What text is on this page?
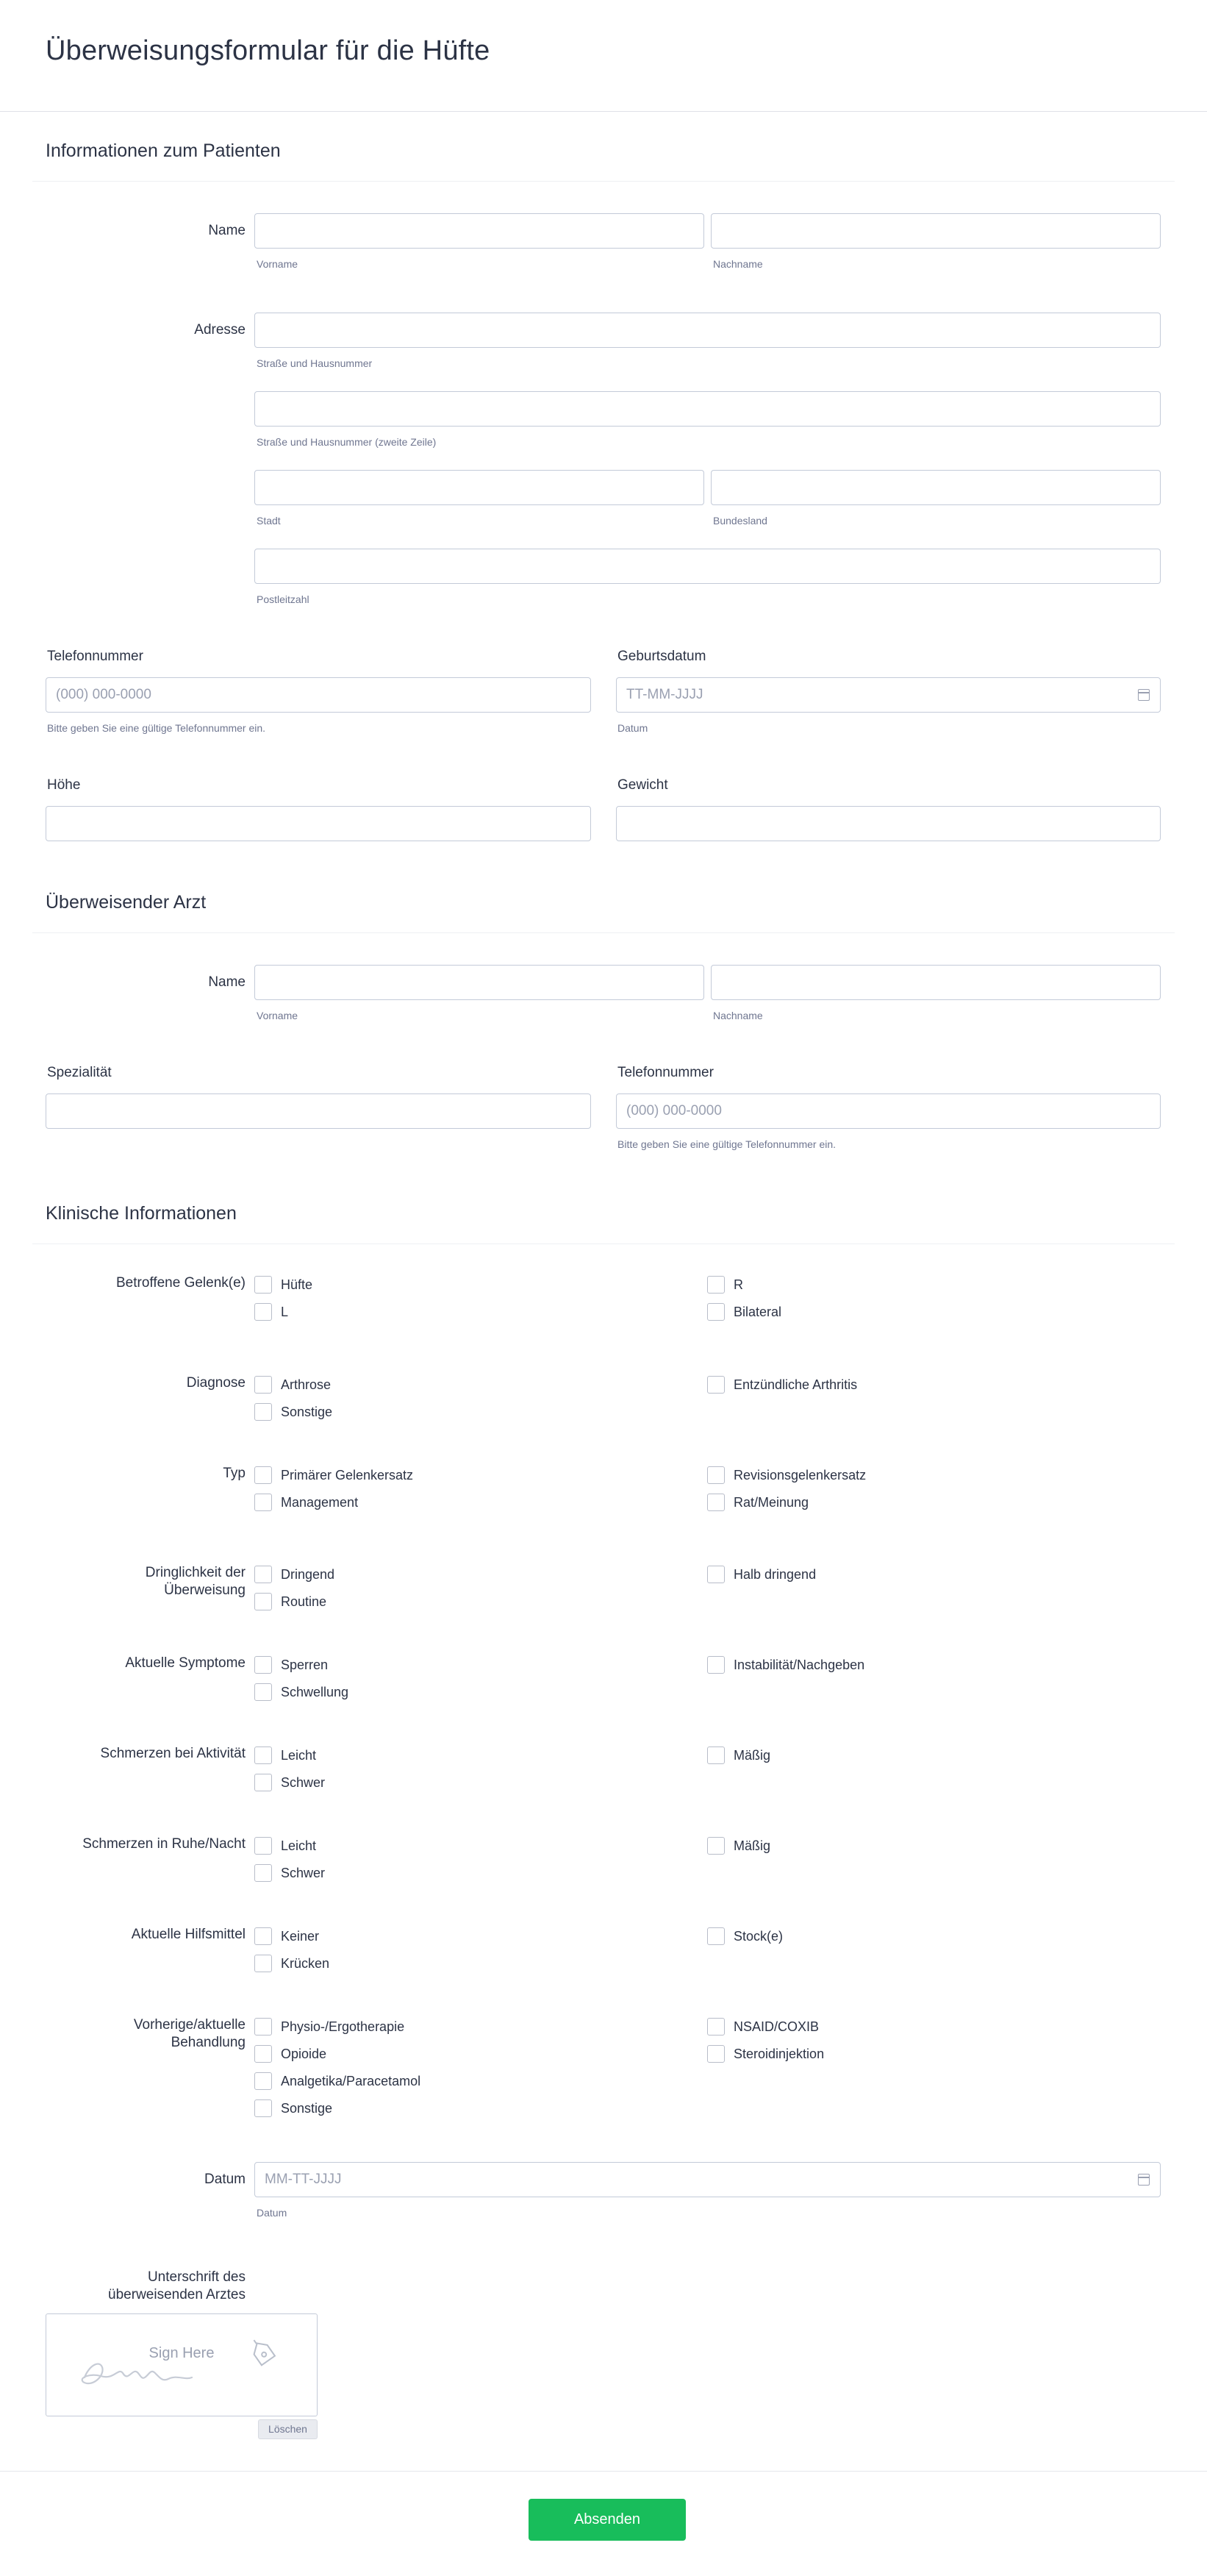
Überweisungsformular für die Hüfte
Informationen zum Patienten
Name
Vorname	Nachname
Adresse
Straße und Hausnummer
Straße und Hausnummer (zweite Zeile)
Stadt	Bundesland
Postleitzahl
Telefonnummer
(000) 000-0000
Bitte geben Sie eine gültige Telefonnummer ein.
Geburtsdatum
TT-MM-JJJJ
Datum
Höhe	Gewicht
Überweisender Arzt
Name
Vorname	Nachname
Spezialität	Telefonnummer
(000) 000-0000
Bitte geben Sie eine gültige Telefonnummer ein.
Klinische Informationen
Betroffene Gelenk(e)	Hüfte	R
L	Bilateral
Diagnose	Arthrose	Entzündliche Arthritis
Sonstige
Typ	Primärer Gelenkersatz	Revisionsgelenkersatz
Management	Rat/Meinung
Dringlichkeit der
Überweisung
Dringend	Halb dringend
Routine
Aktuelle Symptome	Sperren	Instabilität/Nachgeben
Schwellung
Schmerzen bei Aktivität	Leicht	Mäßig
Schwer
Schmerzen in Ruhe/Nacht	Leicht	Mäßig
Schwer
Aktuelle Hilfsmittel	Keiner	Stock(e)
Krücken
Vorherige/aktuelle
Behandlung
Physio-/Ergotherapie	NSAID/COXIB
Opioide	Steroidinjektion
Analgetika/Paracetamol
Sonstige
Datum
MM-TT-JJJJ
Datum
Unterschrift des
überweisenden Arztes
Sign Here
Löschen
Absenden
